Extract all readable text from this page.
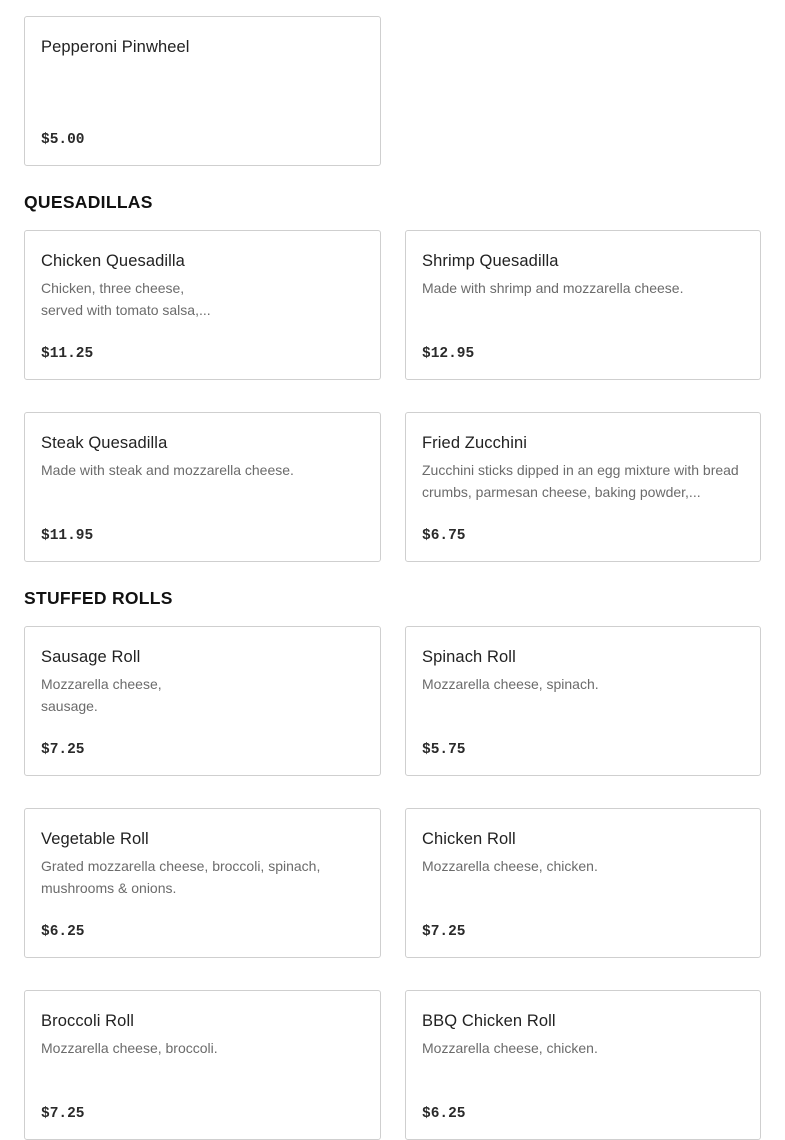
Pepperoni Pinwheel
$5.00
QUESADILLAS
Chicken Quesadilla
Chicken, three cheese,
served with tomato salsa,...
$11.25
Shrimp Quesadilla
Made with shrimp and mozzarella cheese.
$12.95
Steak Quesadilla
Made with steak and mozzarella cheese.
$11.95
Fried Zucchini
Zucchini sticks dipped in an egg mixture with bread crumbs, parmesan cheese, baking powder,...
$6.75
STUFFED ROLLS
Sausage Roll
Mozzarella cheese,
sausage.
$7.25
Spinach Roll
Mozzarella cheese, spinach.
$5.75
Vegetable Roll
Grated mozzarella cheese, broccoli, spinach, mushrooms & onions.
$6.25
Chicken Roll
Mozzarella cheese, chicken.
$7.25
Broccoli Roll
Mozzarella cheese, broccoli.
$7.25
BBQ Chicken Roll
Mozzarella cheese, chicken.
$6.25
